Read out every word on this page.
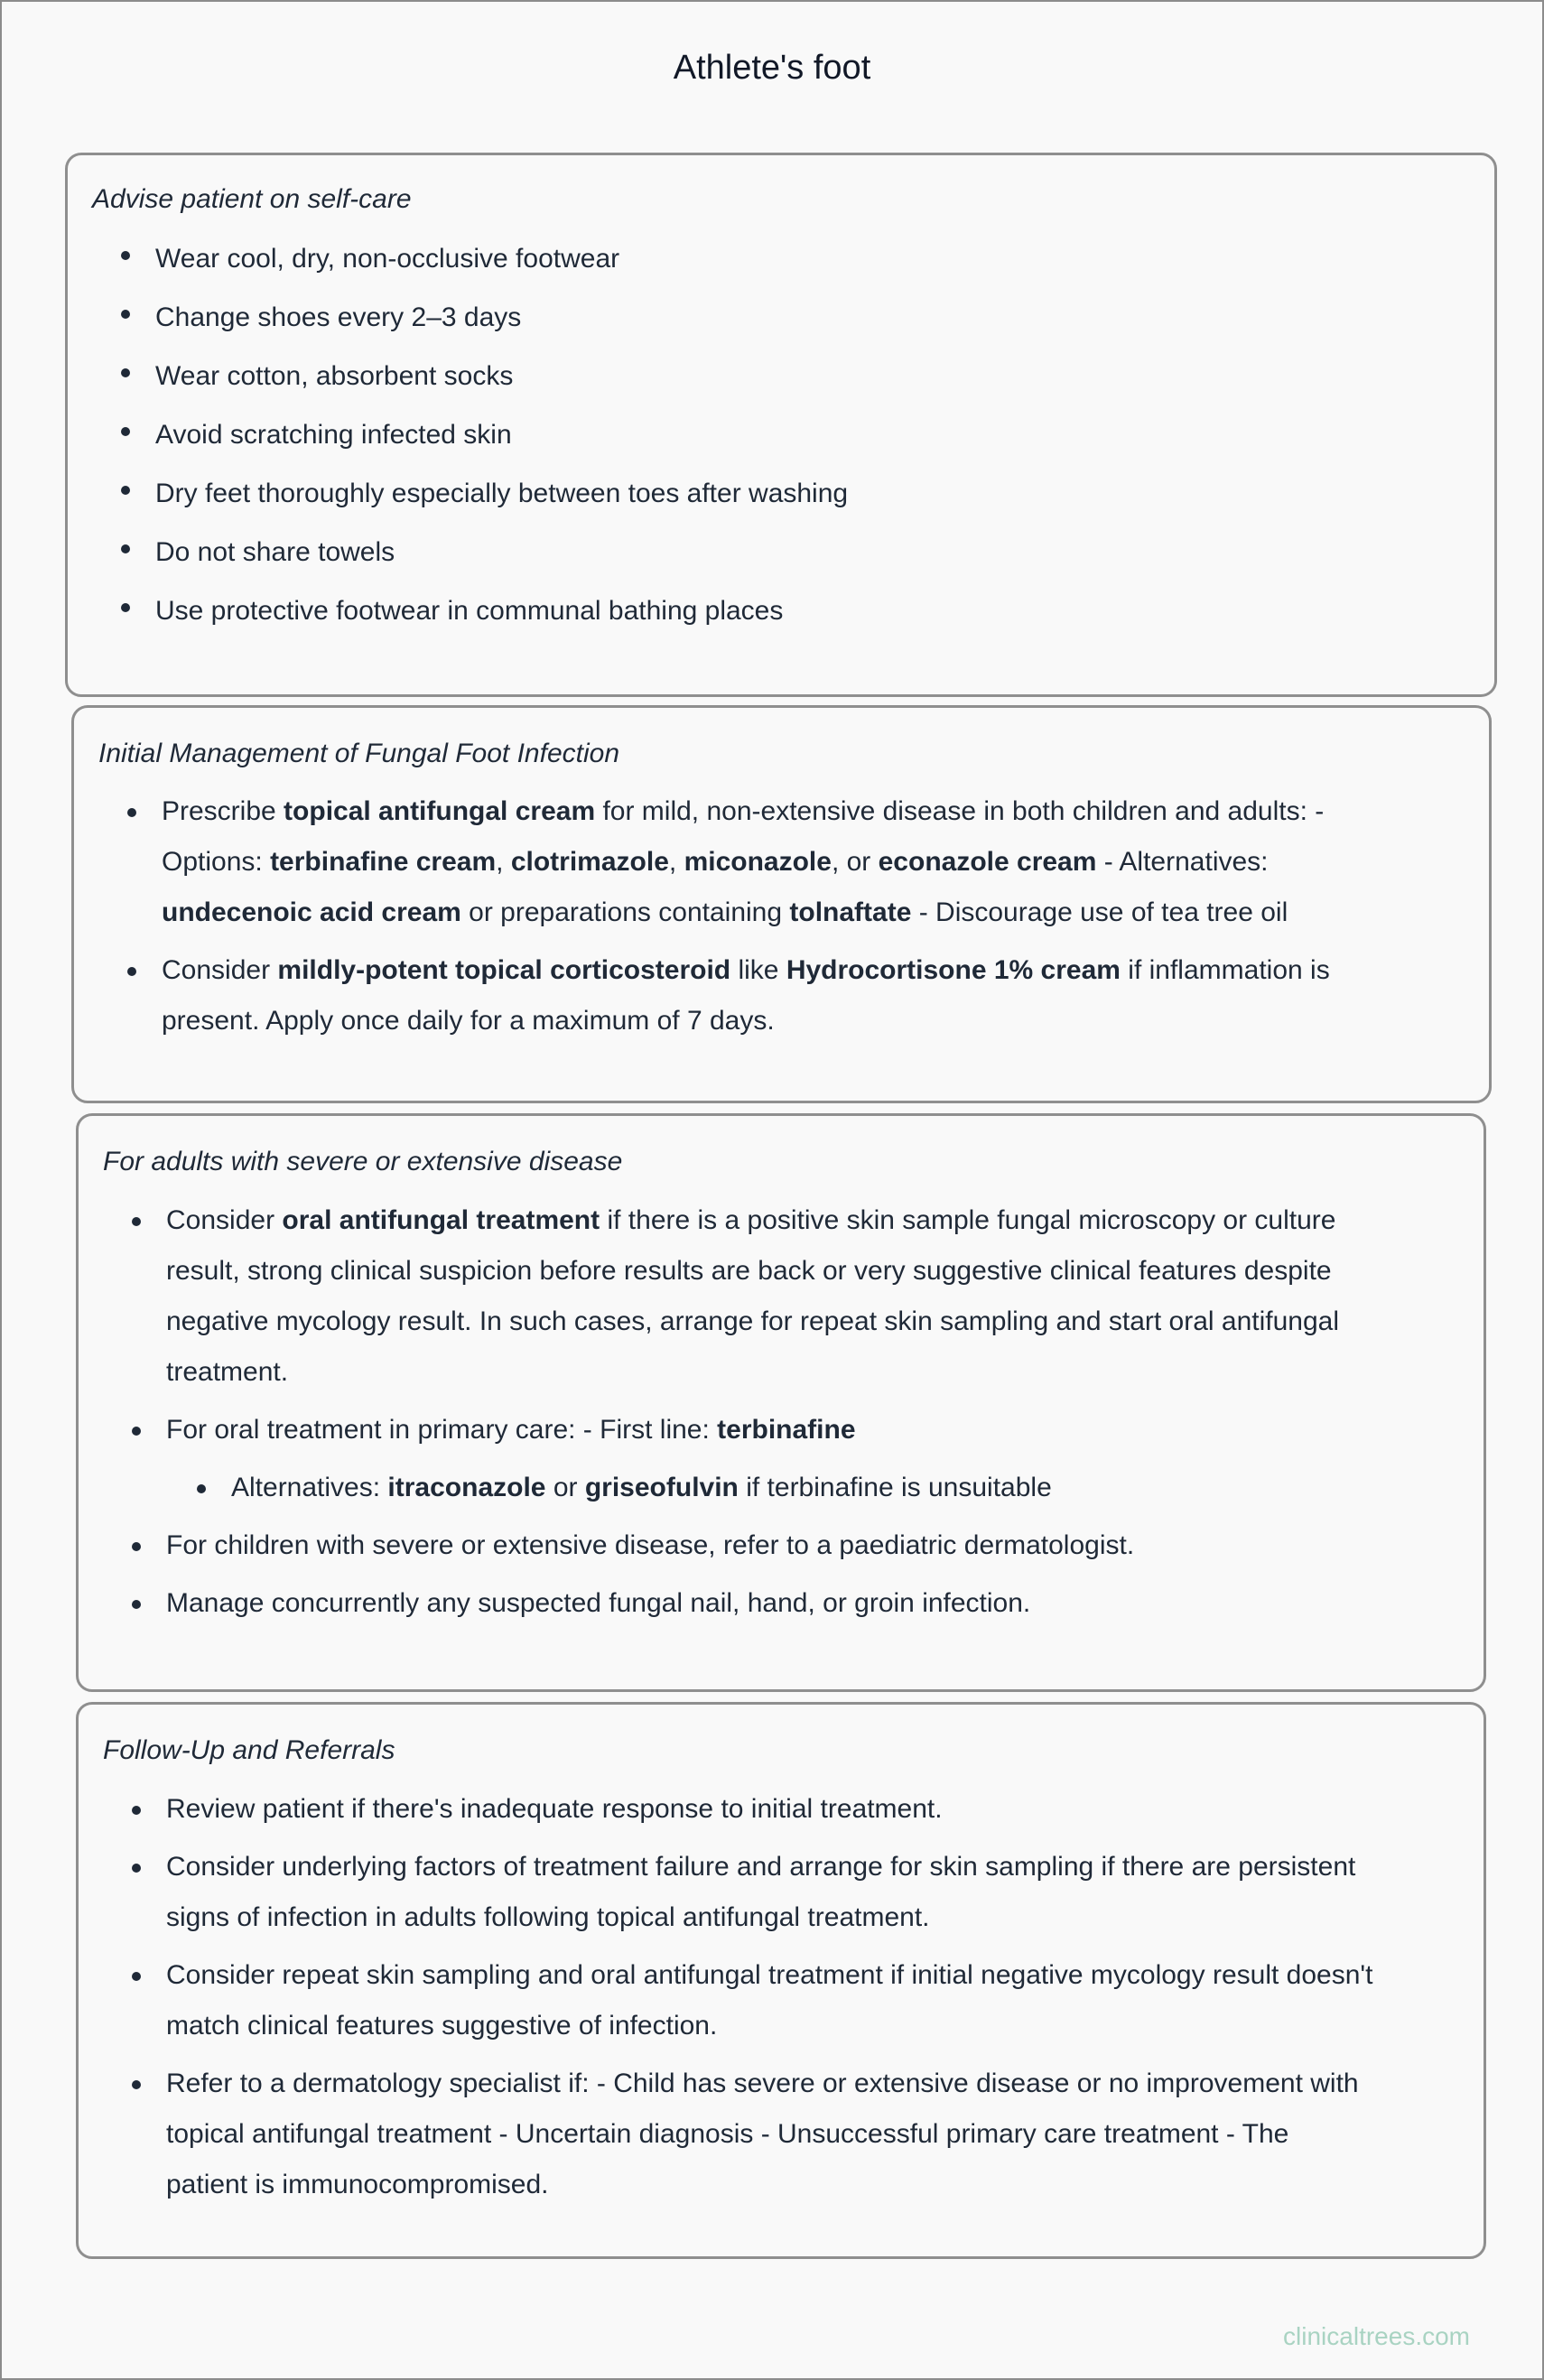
Athlete's foot
Advise patient on self-care
Wear cool, dry, non-occlusive footwear
Change shoes every 2–3 days
Wear cotton, absorbent socks
Avoid scratching infected skin
Dry feet thoroughly especially between toes after washing
Do not share towels
Use protective footwear in communal bathing places
Initial Management of Fungal Foot Infection
Prescribe topical antifungal cream for mild, non-extensive disease in both children and adults: -
Options: terbinafine cream, clotrimazole, miconazole, or econazole cream - Alternatives:
undecenoic acid cream or preparations containing tolnaftate - Discourage use of tea tree oil
Consider mildly-potent topical corticosteroid like Hydrocortisone 1% cream if inflammation is
present. Apply once daily for a maximum of 7 days.
For adults with severe or extensive disease
Consider oral antifungal treatment if there is a positive skin sample fungal microscopy or culture
result, strong clinical suspicion before results are back or very suggestive clinical features despite
negative mycology result. In such cases, arrange for repeat skin sampling and start oral antifungal
treatment.
For oral treatment in primary care: - First line: terbinafine
Alternatives: itraconazole or griseofulvin if terbinafine is unsuitable
For children with severe or extensive disease, refer to a paediatric dermatologist.
Manage concurrently any suspected fungal nail, hand, or groin infection.
Follow-Up and Referrals
Review patient if there's inadequate response to initial treatment.
Consider underlying factors of treatment failure and arrange for skin sampling if there are persistent
signs of infection in adults following topical antifungal treatment.
Consider repeat skin sampling and oral antifungal treatment if initial negative mycology result doesn't
match clinical features suggestive of infection.
Refer to a dermatology specialist if: - Child has severe or extensive disease or no improvement with
topical antifungal treatment - Uncertain diagnosis - Unsuccessful primary care treatment - The
patient is immunocompromised.
clinicaltrees.com
